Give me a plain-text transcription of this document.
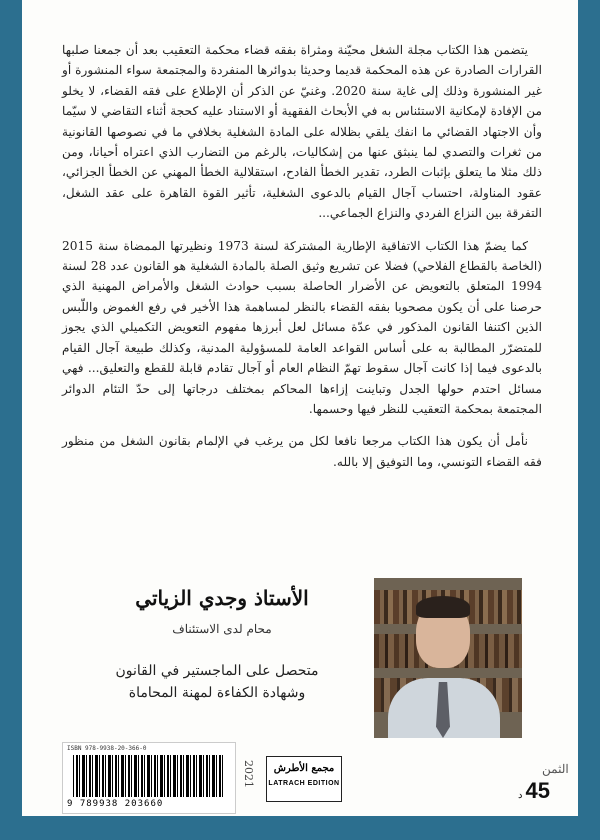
يتضمن هذا الكتاب مجلة الشغل محيّنة ومثراة بفقه قضاء محكمة التعقيب بعد أن جمعنا صلبها القرارات الصادرة عن هذه المحكمة قديما وحديثا بدوائرها المنفردة والمجتمعة سواء المنشورة أو غير المنشورة وذلك إلى غاية سنة 2020. وغنيّ عن الذكر أن الإطلاع على فقه القضاء، لا يخلو من الإفادة لإمكانية الاستئناس به في الأبحاث الفقهية أو الاستناد عليه كحجة أثناء التقاضي لا سيّما وأن الاجتهاد القضائي ما انفك يلقي بظلاله على المادة الشغلية بخلافي ما في نصوصها القانونية من ثغرات والتصدي لما ينبثق عنها من إشكاليات، بالرغم من التضارب الذي اعتراه أحيانا، ومن ذلك مثلا ما يتعلق بإثبات الطرد، تقدير الخطأ الفادح، استقلالية الخطأ المهني عن الخطأ الجزائي، عقود المناولة، احتساب آجال القيام بالدعوى الشغلية، تأثير القوة القاهرة على عقد الشغل، التفرقة بين النزاع الفردي والنزاع الجماعي...

كما يضمّ هذا الكتاب الاتفاقية الإطارية المشتركة لسنة 1973 ونظيرتها الممضاة سنة 2015 (الخاصة بالقطاع الفلاحي) فضلا عن تشريع وثيق الصلة بالمادة الشغلية هو القانون عدد 28 لسنة 1994 المتعلق بالتعويض عن الأضرار الحاصلة بسبب حوادث الشغل والأمراض المهنية الذي حرصنا على أن يكون مصحوبا بفقه القضاء بالنظر لمساهمة هذا الأخير في رفع الغموض واللّبس الذين اكتنفا القانون المذكور في عدّة مسائل لعل أبرزها مفهوم التعويض التكميلي الذي يجوز للمتضرّر المطالبة به على أساس القواعد العامة للمسؤولية المدنية، وكذلك طبيعة آجال القيام بالدعوى فيما إذا كانت آجال سقوط تهمّ النظام العام أو آجال تقادم قابلة للقطع والتعليق... فهي مسائل احتدم حولها الجدل وتباينت إزاءها المحاكم بمختلف درجاتها إلى حدّ التئام الدوائر المجتمعة بمحكمة التعقيب للنظر فيها وحسمها.

نأمل أن يكون هذا الكتاب مرجعا نافعا لكل من يرغب في الإلمام بقانون الشغل من منظور فقه القضاء التونسي، وما التوفيق إلا بالله.

الأستاذ وجدي الزياتي
محام لدى الاستئناف
متحصل على الماجستير في القانون
وشهادة الكفاءة لمهنة المحاماة
ISBN 978-9938-20-366-0
9 789938 203660
2021	مجمع الأطرش
LATRACH EDITION
الثمن
45د
